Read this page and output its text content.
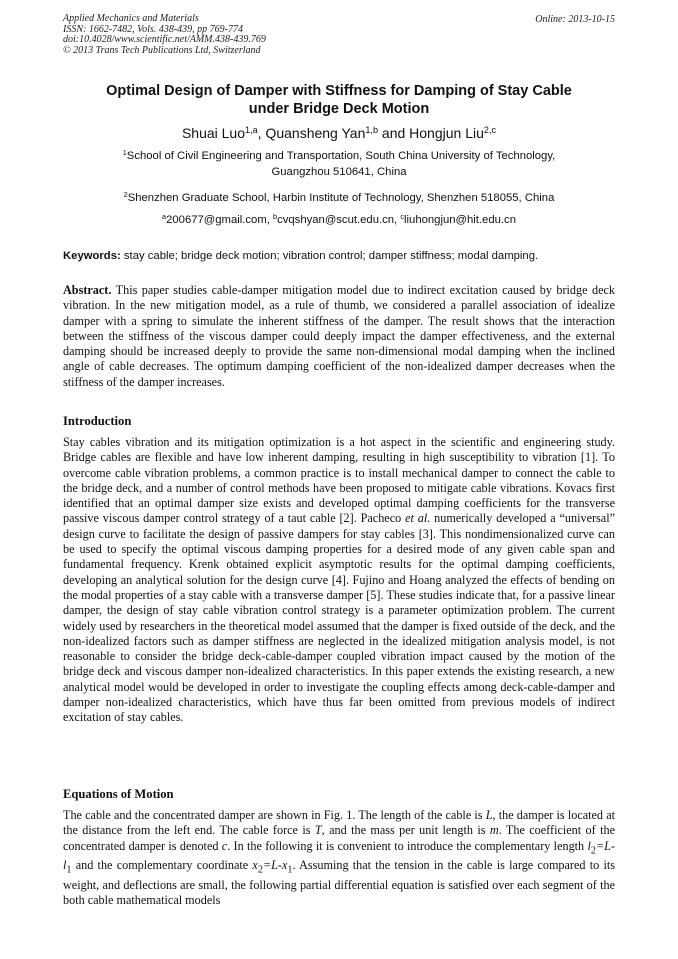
Applied Mechanics and Materials
ISSN: 1662-7482, Vols. 438-439, pp 769-774
doi:10.4028/www.scientific.net/AMM.438-439.769
© 2013 Trans Tech Publications Ltd, Switzerland
Online: 2013-10-15
Optimal Design of Damper with Stiffness for Damping of Stay Cable
under Bridge Deck Motion
Shuai Luo$^{1,a}$, Quansheng Yan$^{1,b}$ and Hongjun Liu$^{2,c}$
$^1$School of Civil Engineering and Transportation, South China University of Technology,
Guangzhou 510641, China
$^2$Shenzhen Graduate School, Harbin Institute of Technology, Shenzhen 518055, China
$^a$200677@gmail.com, $^b$cvqshyan@scut.edu.cn, $^c$liuhongjun@hit.edu.cn
Keywords: stay cable; bridge deck motion; vibration control; damper stiffness; modal damping.
Abstract. This paper studies cable-damper mitigation model due to indirect excitation caused by bridge deck vibration. In the new mitigation model, as a rule of thumb, we considered a parallel association of idealize damper with a spring to simulate the inherent stiffness of the damper. The result shows that the interaction between the stiffness of the viscous damper could deeply impact the damper effectiveness, and the external damping should be increased deeply to provide the same non-dimensional modal damping when the inclined angle of cable decreases. The optimum damping coefficient of the non-idealized damper decreases when the stiffness of the damper increases.
Introduction
Stay cables vibration and its mitigation optimization is a hot aspect in the scientific and engineering study. Bridge cables are flexible and have low inherent damping, resulting in high susceptibility to vibration [1]. To overcome cable vibration problems, a common practice is to install mechanical damper to connect the cable to the bridge deck, and a number of control methods have been proposed to mitigate cable vibrations. Kovacs first identified that an optimal damper size exists and developed optimal damping coefficients for the transverse passive viscous damper control strategy of a taut cable [2]. Pacheco et al. numerically developed a “universal” design curve to facilitate the design of passive dampers for stay cables [3]. This nondimensionalized curve can be used to specify the optimal viscous damping properties for a desired mode of any given cable span and fundamental frequency. Krenk obtained explicit asymptotic results for the optimal damping coefficients, developing an analytical solution for the design curve [4]. Fujino and Hoang analyzed the effects of bending on the modal properties of a stay cable with a transverse damper [5]. These studies indicate that, for a passive linear damper, the design of stay cable vibration control strategy is a parameter optimization problem. The current widely used by researchers in the theoretical model assumed that the damper is fixed outside of the deck, and the non-idealized factors such as damper stiffness are neglected in the idealized mitigation analysis model, is not reasonable to consider the bridge deck-cable-damper coupled vibration impact caused by the motion of the bridge deck and viscous damper non-idealized characteristics. In this paper extends the existing research, a new analytical model would be developed in order to investigate the coupling effects among deck-cable-damper and damper non-idealized characteristics, which have thus far been omitted from previous models of indirect excitation of stay cables.
Equations of Motion
The cable and the concentrated damper are shown in Fig. 1. The length of the cable is L, the damper is located at the distance from the left end. The cable force is T, and the mass per unit length is m. The coefficient of the concentrated damper is denoted c. In the following it is convenient to introduce the complementary length $l_2=L-l_1$ and the complementary coordinate $x_2=L-x_1$. Assuming that the tension in the cable is large compared to its weight, and deflections are small, the following partial differential equation is satisfied over each segment of the both cable mathematical models
